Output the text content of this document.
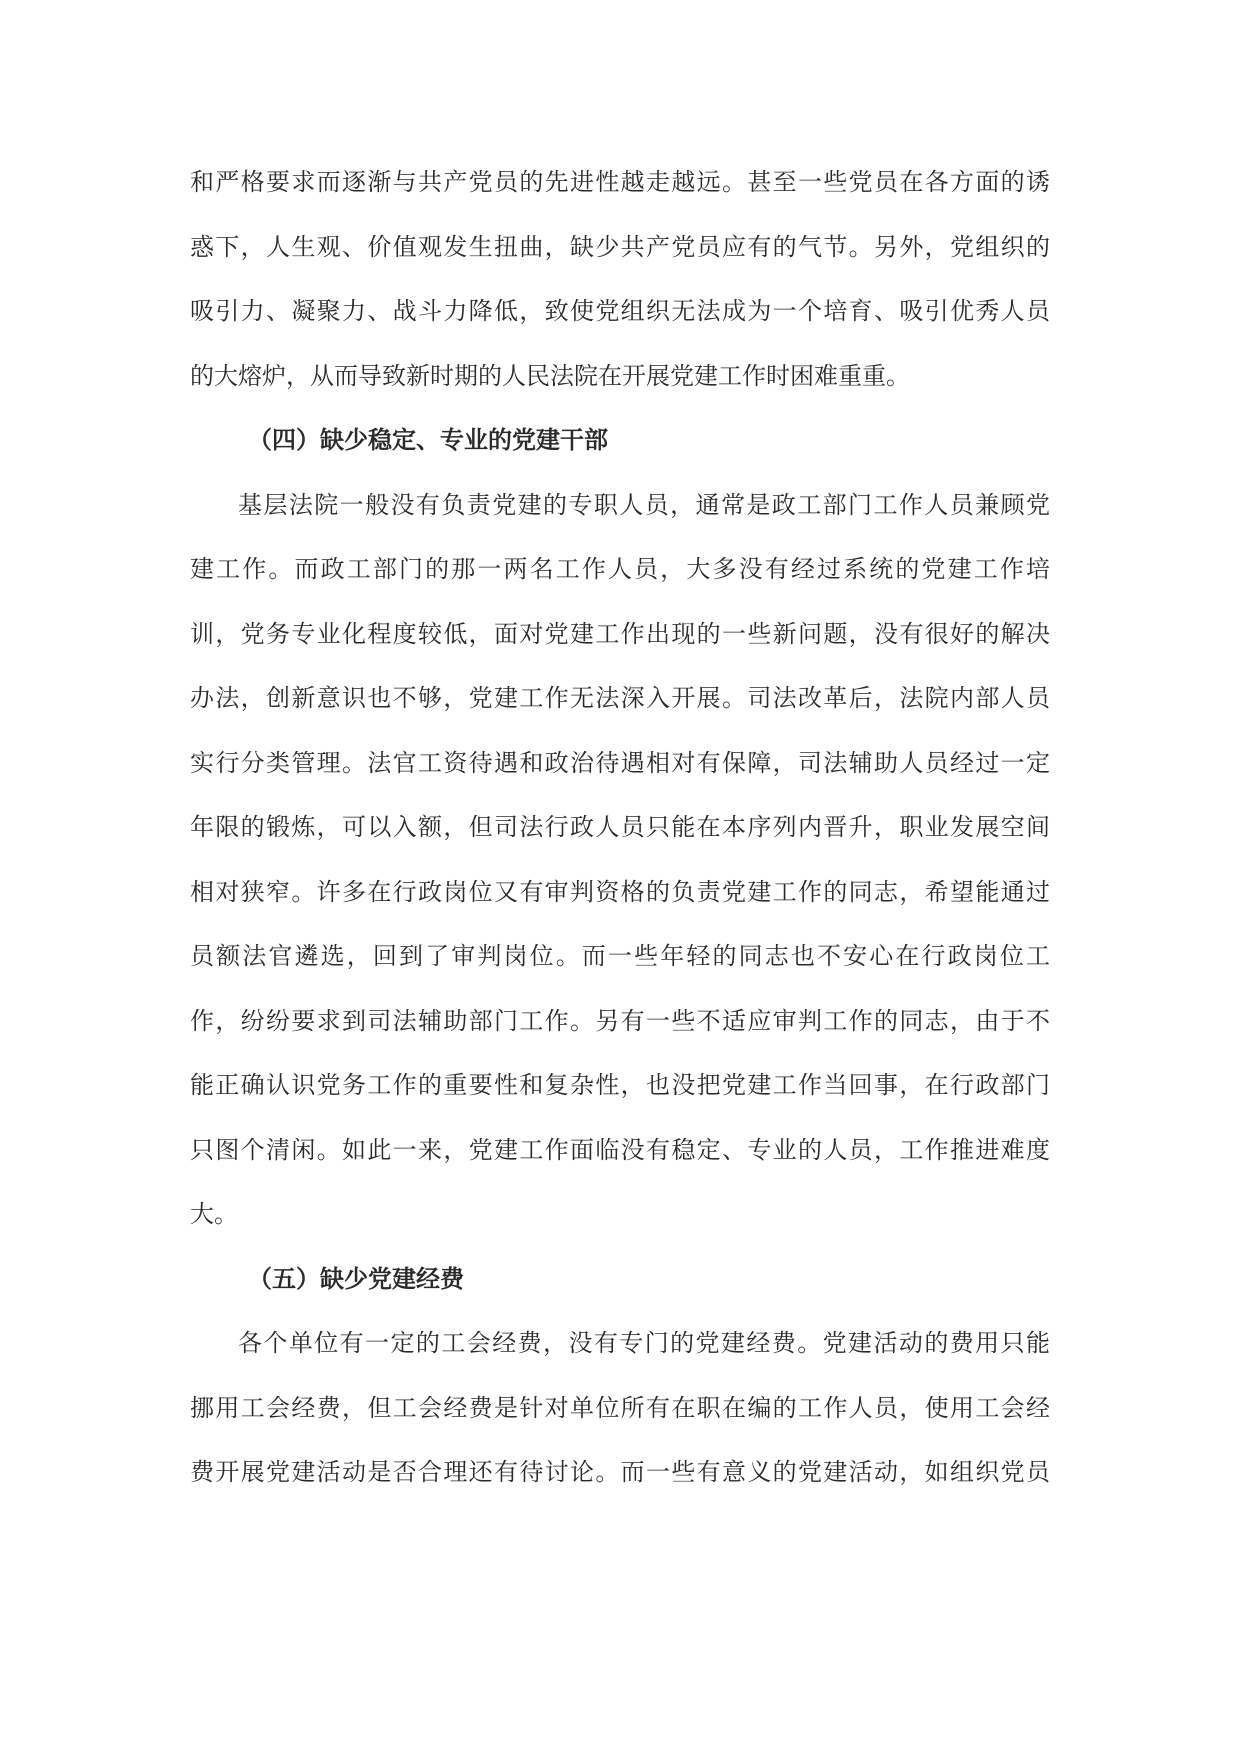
和严格要求而逐渐与共产党员的先进性越走越远。甚至一些党员在各方面的诱
惑下，人生观、价值观发生扭曲，缺少共产党员应有的气节。另外，党组织的
吸引力、凝聚力、战斗力降低，致使党组织无法成为一个培育、吸引优秀人员
的大熔炉，从而导致新时期的人民法院在开展党建工作时困难重重。
（四）缺少稳定、专业的党建干部
基层法院一般没有负责党建的专职人员，通常是政工部门工作人员兼顾党
建工作。而政工部门的那一两名工作人员，大多没有经过系统的党建工作培
训，党务专业化程度较低，面对党建工作出现的一些新问题，没有很好的解决
办法，创新意识也不够，党建工作无法深入开展。司法改革后，法院内部人员
实行分类管理。法官工资待遇和政治待遇相对有保障，司法辅助人员经过一定
年限的锻炼，可以入额，但司法行政人员只能在本序列内晋升，职业发展空间
相对狭窄。许多在行政岗位又有审判资格的负责党建工作的同志，希望能通过
员额法官遴选，回到了审判岗位。而一些年轻的同志也不安心在行政岗位工
作，纷纷要求到司法辅助部门工作。另有一些不适应审判工作的同志，由于不
能正确认识党务工作的重要性和复杂性，也没把党建工作当回事，在行政部门
只图个清闲。如此一来，党建工作面临没有稳定、专业的人员，工作推进难度
大。
（五）缺少党建经费
各个单位有一定的工会经费，没有专门的党建经费。党建活动的费用只能
挪用工会经费，但工会经费是针对单位所有在职在编的工作人员，使用工会经
费开展党建活动是否合理还有待讨论。而一些有意义的党建活动，如组织党员
